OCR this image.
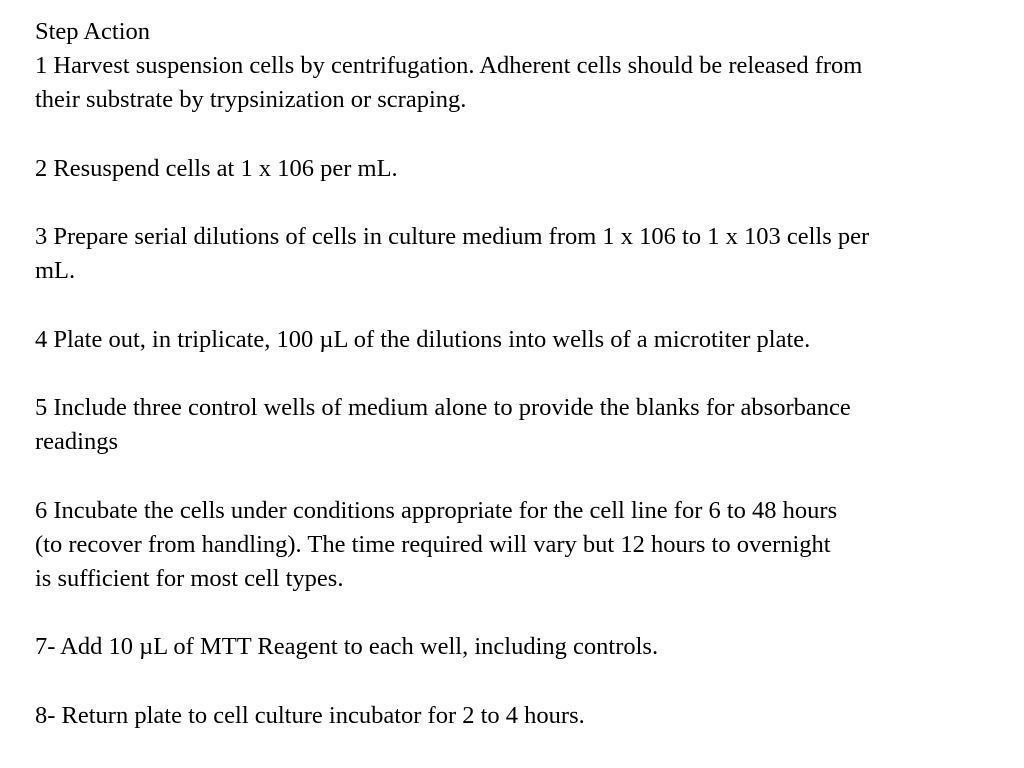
Step Action
1 Harvest suspension cells by centrifugation. Adherent cells should be released from
their substrate by trypsinization or scraping.
2 Resuspend cells at 1 x 106 per mL.
3 Prepare serial dilutions of cells in culture medium from 1 x 106 to 1 x 103 cells per
mL.
4 Plate out, in triplicate, 100 µL of the dilutions into wells of a microtiter plate.
5 Include three control wells of medium alone to provide the blanks for absorbance
readings
6 Incubate the cells under conditions appropriate for the cell line for 6 to 48 hours
(to recover from handling). The time required will vary but 12 hours to overnight
is sufficient for most cell types.
7- Add 10 µL of MTT Reagent to each well, including controls.
8- Return plate to cell culture incubator for 2 to 4 hours.
